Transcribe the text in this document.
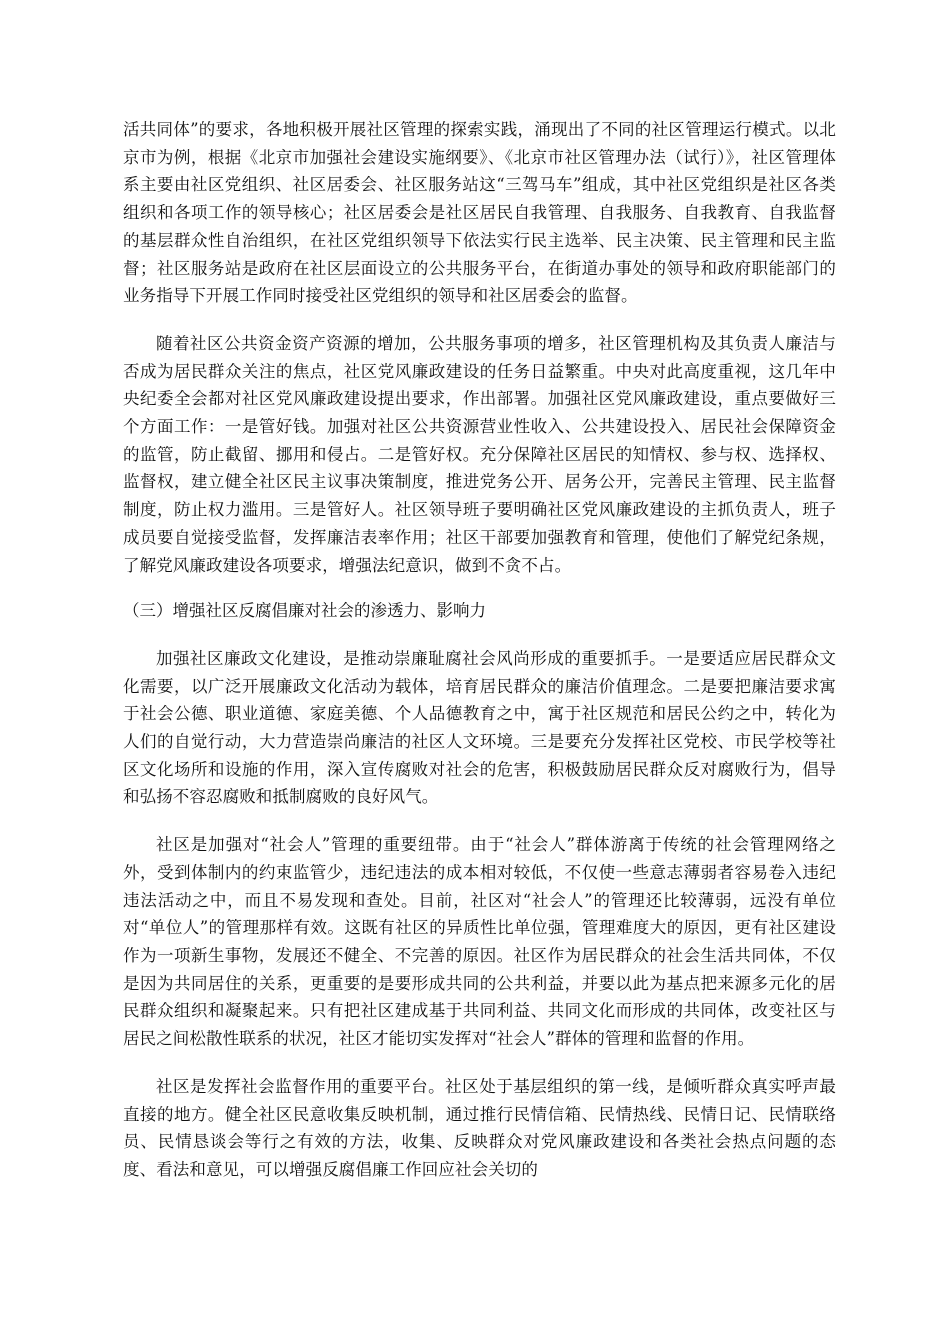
活共同体”的要求，各地积极开展社区管理的探索实践，涌现出了不同的社区管理运行模式。以北京市为例，根据《北京市加强社会建设实施纲要》、《北京市社区管理办法（试行）》，社区管理体系主要由社区党组织、社区居委会、社区服务站这“三驾马车”组成，其中社区党组织是社区各类组织和各项工作的领导核心；社区居委会是社区居民自我管理、自我服务、自我教育、自我监督的基层群众性自治组织，在社区党组织领导下依法实行民主选举、民主决策、民主管理和民主监督；社区服务站是政府在社区层面设立的公共服务平台，在街道办事处的领导和政府职能部门的业务指导下开展工作同时接受社区党组织的领导和社区居委会的监督。

随着社区公共资金资产资源的增加，公共服务事项的增多，社区管理机构及其负责人廉洁与否成为居民群众关注的焦点，社区党风廉政建设的任务日益繁重。中央对此高度重视，这几年中央纪委全会都对社区党风廉政建设提出要求，作出部署。加强社区党风廉政建设，重点要做好三个方面工作：一是管好钱。加强对社区公共资源营业性收入、公共建设投入、居民社会保障资金的监管，防止截留、挪用和侵占。二是管好权。充分保障社区居民的知情权、参与权、选择权、监督权，建立健全社区民主议事决策制度，推进党务公开、居务公开，完善民主管理、民主监督制度，防止权力滥用。三是管好人。社区领导班子要明确社区党风廉政建设的主抓负责人，班子成员要自觉接受监督，发挥廉洁表率作用；社区干部要加强教育和管理，使他们了解党纪条规，了解党风廉政建设各项要求，增强法纪意识，做到不贪不占。

（三）增强社区反腐倡廉对社会的渗透力、影响力

加强社区廉政文化建设，是推动崇廉耻腐社会风尚形成的重要抓手。一是要适应居民群众文化需要，以广泛开展廉政文化活动为载体，培育居民群众的廉洁价值理念。二是要把廉洁要求寓于社会公德、职业道德、家庭美德、个人品德教育之中，寓于社区规范和居民公约之中，转化为人们的自觉行动，大力营造崇尚廉洁的社区人文环境。三是要充分发挥社区党校、市民学校等社区文化场所和设施的作用，深入宣传腐败对社会的危害，积极鼓励居民群众反对腐败行为，倡导和弘扬不容忍腐败和抵制腐败的良好风气。

社区是加强对“社会人”管理的重要纽带。由于“社会人”群体游离于传统的社会管理网络之外，受到体制内的约束监管少，违纪违法的成本相对较低，不仅使一些意志薄弱者容易卷入违纪违法活动之中，而且不易发现和查处。目前，社区对“社会人”的管理还比较薄弱，远没有单位对“单位人”的管理那样有效。这既有社区的异质性比单位强，管理难度大的原因，更有社区建设作为一项新生事物，发展还不健全、不完善的原因。社区作为居民群众的社会生活共同体，不仅是因为共同居住的关系，更重要的是要形成共同的公共利益，并要以此为基点把来源多元化的居民群众组织和凝聚起来。只有把社区建成基于共同利益、共同文化而形成的共同体，改变社区与居民之间松散性联系的状况，社区才能切实发挥对“社会人”群体的管理和监督的作用。

社区是发挥社会监督作用的重要平台。社区处于基层组织的第一线，是倾听群众真实呼声最直接的地方。健全社区民意收集反映机制，通过推行民情信箱、民情热线、民情日记、民情联络员、民情恳谈会等行之有效的方法，收集、反映群众对党风廉政建设和各类社会热点问题的态度、看法和意见，可以增强反腐倡廉工作回应社会关切的
